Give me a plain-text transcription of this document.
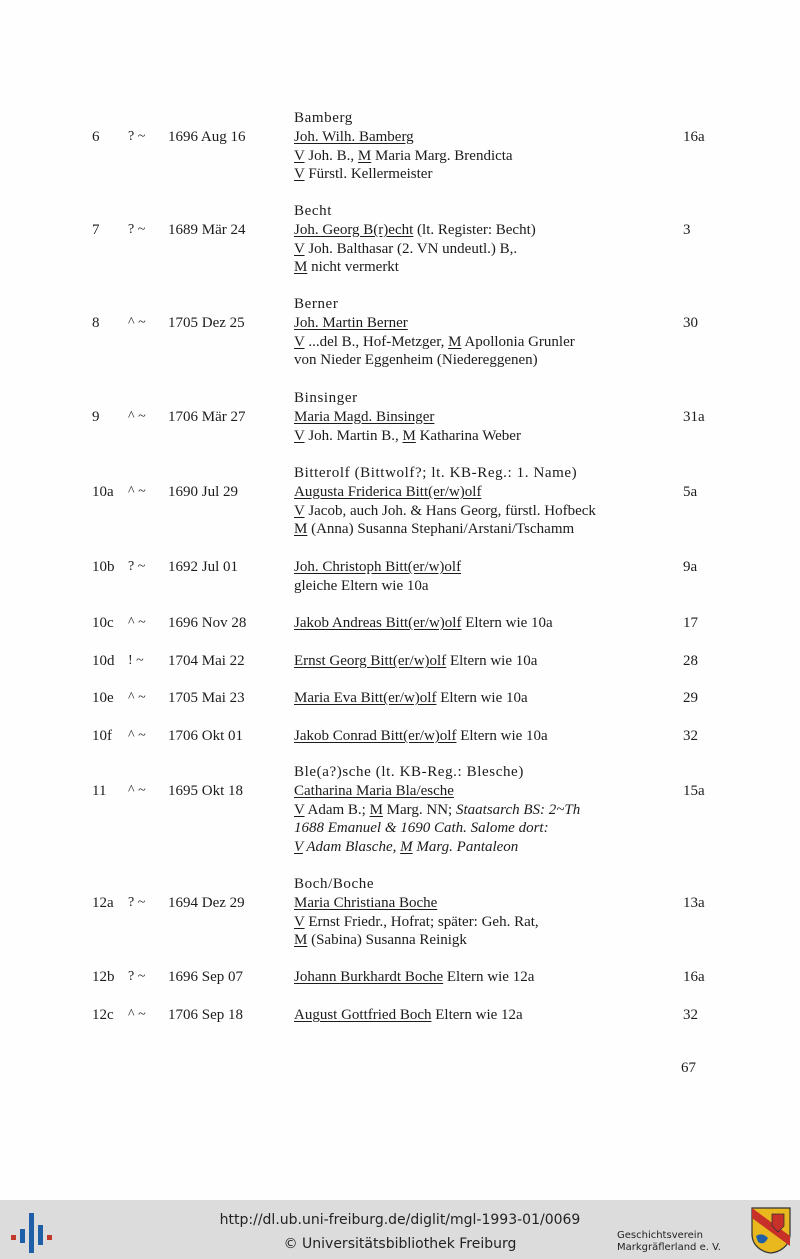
Bamberg
6 ? ~ 1696 Aug 16	16a
Joh. Wilh. Bamberg
V Joh. B., M Maria Marg. Brendicta
V Fürstl. Kellermeister
Becht
7 ? ~ 1689 Mär 24	3
Joh. Georg B(r)echt (lt. Register: Becht)
V Joh. Balthasar (2. VN undeutl.) B,.
M nicht vermerkt
Berner
8 ^ ~ 1705 Dez 25	30
Joh. Martin Berner
V ...del B., Hof-Metzger, M Apollonia Grunler
von Nieder Eggenheim (Niedereggenen)
Binsinger
9 ^ ~ 1706 Mär 27	31a
Maria Magd. Binsinger
V Joh. Martin B., M Katharina Weber
Bitterolf (Bittwolf?; lt. KB-Reg.: 1. Name)
10a ^ ~ 1690 Jul 29	5a
Augusta Friderica Bitt(er/w)olf
V Jacob, auch Joh. & Hans Georg, fürstl. Hofbeck
M (Anna) Susanna Stephani/Arstani/Tschamm
10b ? ~ 1692 Jul 01	9a
Joh. Christoph Bitt(er/w)olf
gleiche Eltern wie 10a
10c ^ ~ 1696 Nov 28	17
Jakob Andreas Bitt(er/w)olf Eltern wie 10a
10d ! ~ 1704 Mai 22	28
Ernst Georg Bitt(er/w)olf Eltern wie 10a
10e ^ ~ 1705 Mai 23	29
Maria Eva Bitt(er/w)olf Eltern wie 10a
10f ^ ~ 1706 Okt 01	32
Jakob Conrad Bitt(er/w)olf Eltern wie 10a
Ble(a?)sche (lt. KB-Reg.: Blesche)
11 ^ ~ 1695 Okt 18	15a
Catharina Maria Bla/esche
V Adam B.; M Marg. NN; Staatsarch BS: 2~Th
1688 Emanuel & 1690 Cath. Salome dort:
V Adam Blasche, M Marg. Pantaleon
Boch/Boche
12a ? ~ 1694 Dez 29	13a
Maria Christiana Boche
V Ernst Friedr., Hofrat; später: Geh. Rat,
M (Sabina) Susanna Reinigk
12b ? ~ 1696 Sep 07	16a
Johann Burkhardt Boche Eltern wie 12a
12c ^ ~ 1706 Sep 18	32
August Gottfried Boch Eltern wie 12a
67
http://dl.ub.uni-freiburg.de/diglit/mgl-1993-01/0069
© Universitätsbibliothek Freiburg
Geschichtsverein
Markgräflerland e. V.
